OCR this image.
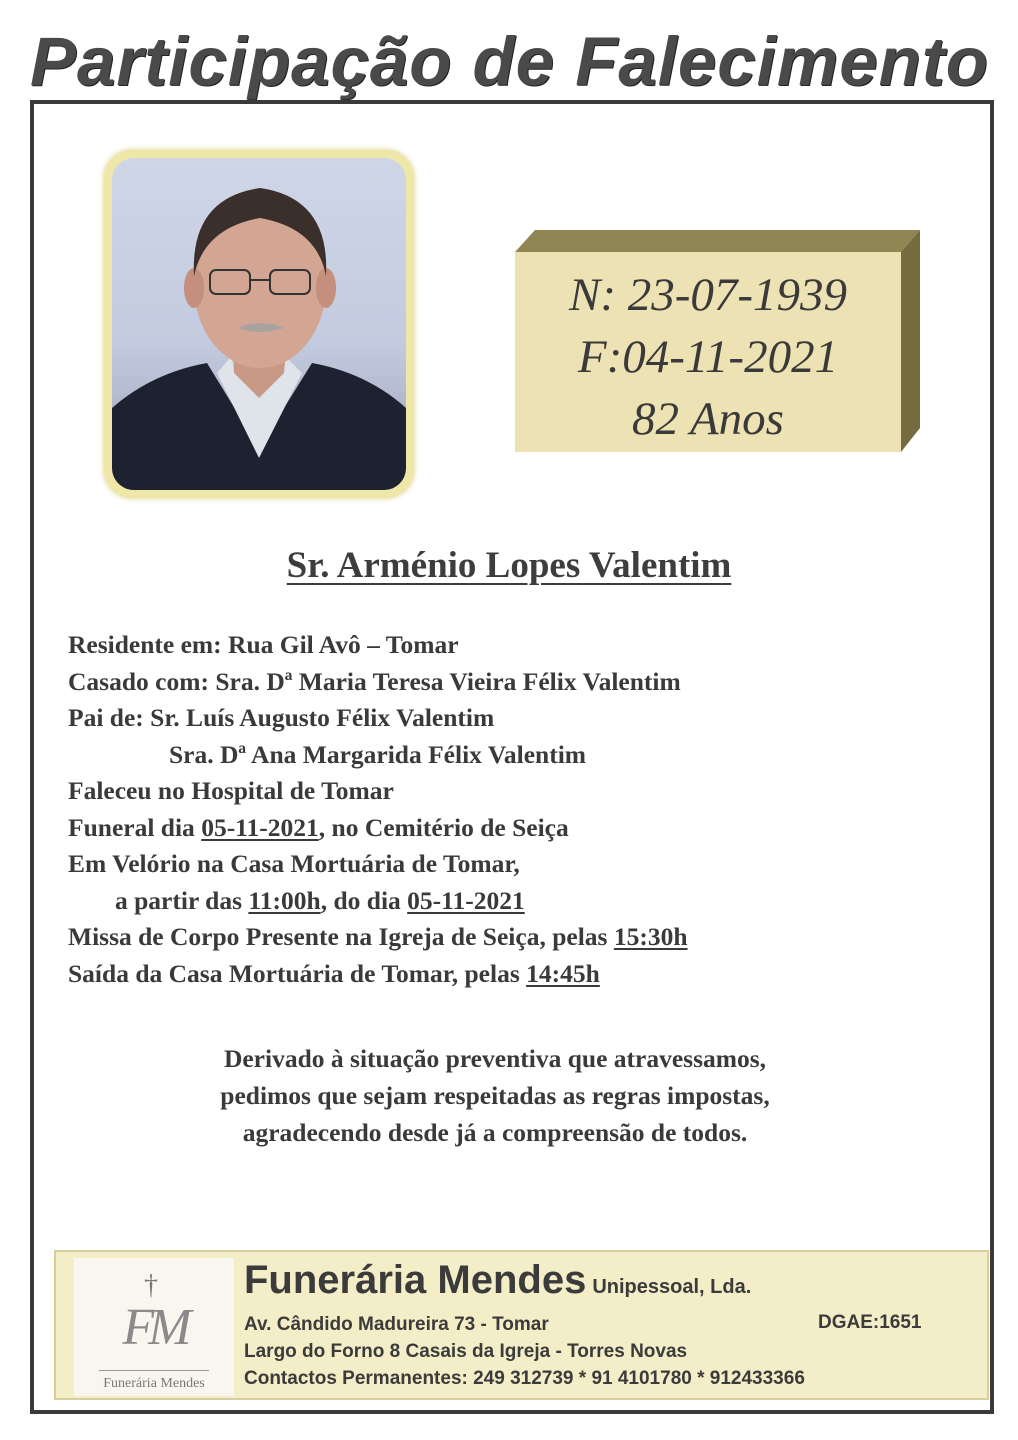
Participação de Falecimento
N: 23-07-1939
F:04-11-2021
82 Anos
Sr. Arménio Lopes Valentim
Residente em: Rua Gil Avô – Tomar
Casado com: Sra. Dª Maria Teresa Vieira Félix Valentim
Pai de: Sr. Luís Augusto Félix Valentim
Sra. Dª Ana Margarida Félix Valentim
Faleceu no Hospital de Tomar
Funeral dia 05-11-2021, no Cemitério de Seiça
Em Velório na Casa Mortuária de Tomar,
a partir das 11:00h, do dia 05-11-2021
Missa de Corpo Presente na Igreja de Seiça, pelas 15:30h
Saída da Casa Mortuária de Tomar, pelas 14:45h
Derivado à situação preventiva que atravessamos,
pedimos que sejam respeitadas as regras impostas,
agradecendo desde já a compreensão de todos.
†
FM
Funerária Mendes
Funerária Mendes Unipessoal, Lda.
Av. Cândido Madureira 73 - Tomar	DGAE:1651
Largo do Forno 8 Casais da Igreja - Torres Novas
Contactos Permanentes: 249 312739 * 91 4101780 * 912433366
